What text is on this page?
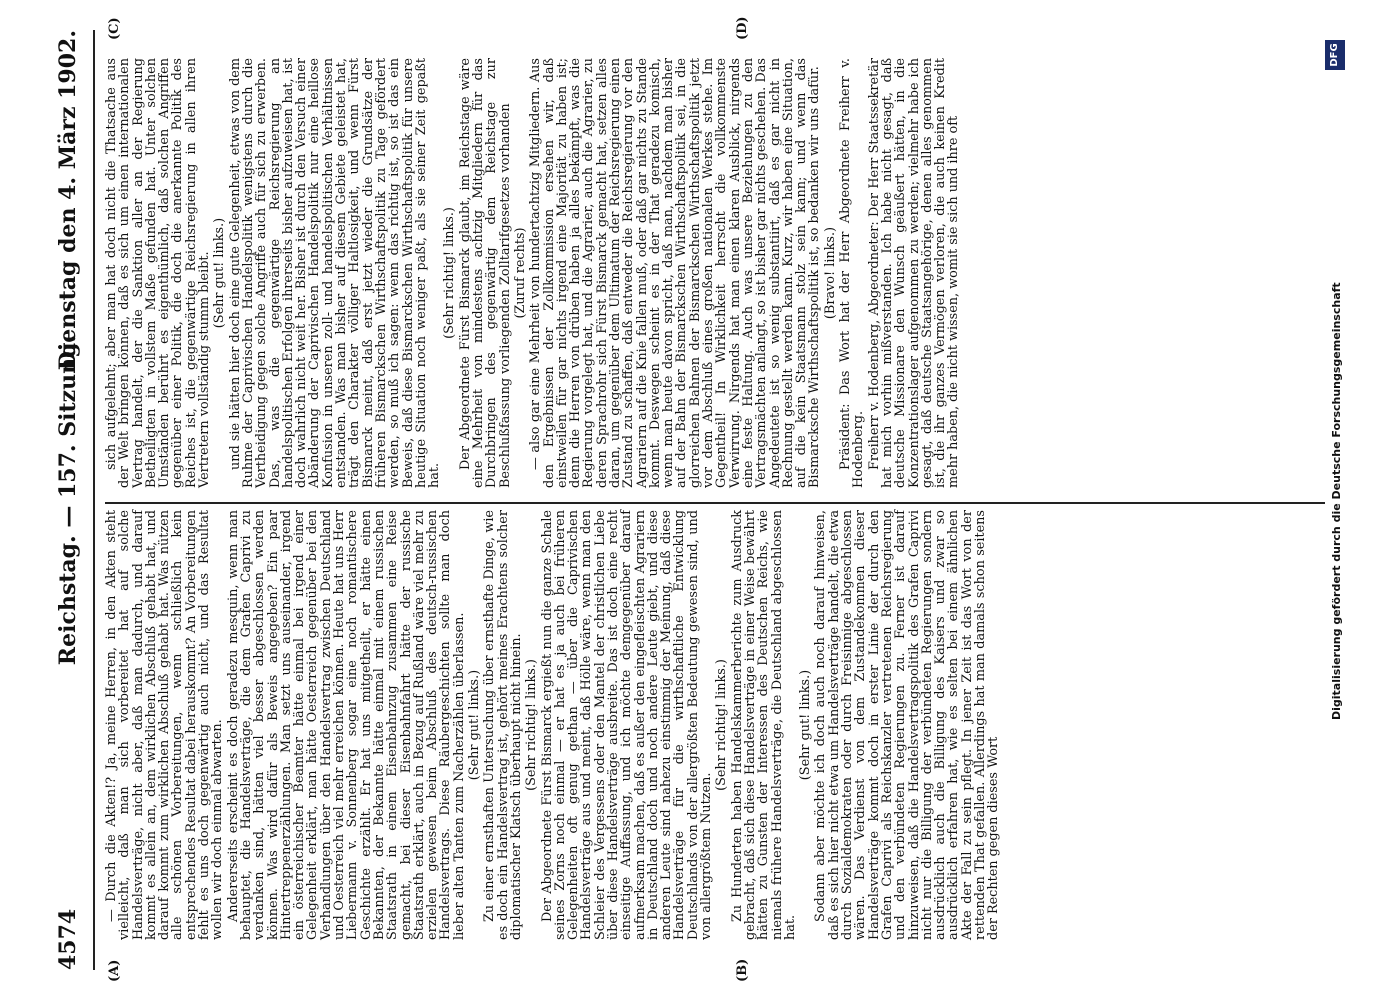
4574
Reichstag. — 157. Sitzung.
Dienstag den 4. März 1902.
(A)	(B)
(C)	(D)

— Durch die Akten!? Ja, meine Herren, in den Akten steht vielleicht, daß man sich vorbereitet hat auf solche Handelsverträge, nicht aber, daß man dadurch, und darauf kommt es allein an, dem wirklichen Abschluß gehabt hat, und darauf kommt zum wirklichen Abschluß gehabt hat. Was nützen alle schönen Vorbereitungen, wenn schließlich kein entsprechendes Resultat dabei herauskommt? An Vorbereitungen fehlt es uns doch gegenwärtig auch nicht, und das Resultat wollen wir doch einmal abwarten. Andererseits erscheint es doch geradezu mesquin, wenn man behauptet, die Handelsverträge, die dem Grafen Caprivi zu verdanken sind, hätten viel besser abgeschlossen werden können. Was wird dafür als Beweis angegeben? Ein paar Hintertreppenerzählungen. Man setzt uns auseinander, irgend ein österreichischer Beamter hätte einmal bei irgend einer Gelegenheit erklärt, man hätte Oesterreich gegenüber bei den Verhandlungen über den Handelsvertrag zwischen Deutschland und Oesterreich viel mehr erreichen können. Heute hat uns Herr Liebermann v. Sonnenberg sogar eine noch romantischere Geschichte erzählt. Er hat uns mitgetheilt, er hätte einen Bekannten, der Bekannte hätte einmal mit einem russischen Staatsrath in einem Eisenbahnzug zusammen eine Reise gemacht, bei dieser Eisenbahnfahrt hätte der russische Staatsrath erklärt, auch in Bezug auf Rußland wäre viel mehr zu erzielen gewesen beim Abschluß des deutsch-russischen Handelsvertrags. Diese Räubergeschichten sollte man doch lieber alten Tanten zum Nacherzählen überlassen. (Sehr gut! links.) Zu einer ernsthaften Untersuchung über ernsthafte Dinge, wie es doch ein Handelsvertrag ist, gehört meines Erachtens solcher diplomatischer Klatsch überhaupt nicht hinein. (Sehr richtig! links.) Der Abgeordnete Fürst Bismarck ergießt nun die ganze Schale seines Zorns noch einmal — er hat es ja auch bei früheren Gelegenheiten oft genug gethan — über die Caprivischen Handelsverträge aus und meint, daß Hölle wäre, wenn man den Schleier des Vergessens oder den Mantel der christlichen Liebe über diese Handelsverträge ausbreite. Das ist doch eine recht einseitige Auffassung, und ich möchte demgegenüber darauf aufmerksam machen, daß es außer den eingefleischten Agrariern in Deutschland doch und noch andere Leute giebt, und diese anderen Leute sind nahezu einstimmig der Meinung, daß diese Handelsverträge für die wirthschaftliche Entwicklung Deutschlands von der allergrößten Bedeutung gewesen sind, und von allergrößtem Nutzen.

(Sehr richtig! links.) Zu Hunderten haben Handelskammerberichte zum Ausdruck gebracht, daß sich diese Handelsverträge in einer Weise bewährt hätten zu Gunsten der Interessen des Deutschen Reichs, wie niemals frühere Handelsverträge, die Deutschland abgeschlossen hat.

(Sehr gut! links.) Sodann aber möchte ich doch auch noch darauf hinweisen, daß es sich hier nicht etwa um Handelsverträge handelt, die etwa durch Sozialdemokraten oder durch Freisinnige abgeschlossen wären. Das Verdienst von dem Zustandekommen dieser Handelsverträge kommt doch in erster Linie der durch den Grafen Caprivi als Reichskanzler vertretenen Reichsregierung und den verbündeten Regierungen zu. Ferner ist darauf hinzuweisen, daß die Handelsvertragspolitik des Grafen Caprivi nicht nur die Billigung der verbündeten Regierungen sondern ausdrücklich auch die Billigung des Kaisers und zwar so ausdrücklich erfahren hat, wie es selten bei einem ähnlichen Akte der Fall zu sein pflegt. In jener Zeit ist das Wort von der rettenden That gefallen. Allerdings hat man damals schon seitens der Rechten gegen dieses Wort

sich aufgelehnt; aber man hat doch nicht die Thatsache aus der Welt bringen können, daß es sich um einen internationalen Vertrag handelt, der die Sanktion aller an der Regierung Betheiligten in vollstem Maße gefunden hat. Unter solchen Umständen berührt es eigenthümlich, daß solchen Angriffen gegenüber einer Politik, die doch die anerkannte Politik des Reiches ist, die gegenwärtige Reichsregierung in allen ihren Vertretern vollständig stumm bleibt. (Sehr gut! links.) und sie hätten hier doch eine gute Gelegenheit, etwas von dem Ruhme der Caprivischen Handelspolitik wenigstens durch die Vertheidigung gegen solche Angriffe auch für sich zu erwerben. Das, was die gegenwärtige Reichsregierung an handelspolitischen Erfolgen ihrerseits bisher aufzuweisen hat, ist doch wahrlich nicht weit her. Bisher ist durch den Versuch einer Abänderung der Caprivischen Handelspolitik nur eine heillose Konfusion in unseren zoll- und handelspolitischen Verhältnissen entstanden. Was man bisher auf diesem Gebiete geleistet hat, trägt den Charakter völliger Haltlosigkeit, und wenn Fürst Bismarck meint, daß erst jetzt wieder die Grundsätze der früheren Bismarckschen Wirthschaftspolitik zu Tage gefördert werden, so muß ich sagen: wenn das richtig ist, so ist das ein Beweis, daß diese Bismarckschen Wirthschaftspolitik für unsere heutige Situation noch weniger paßt, als sie seiner Zeit gepaßt hat.

(Sehr richtig! links.) Der Abgeordnete Fürst Bismarck glaubt, im Reichstage wäre eine Mehrheit von mindestens achtzig Mitgliedern für das Durchbringen des gegenwärtig dem Reichstage zur Beschlußfassung vorliegenden Zolltarifgesetzes vorhanden (Zuruf rechts) — also gar eine Mehrheit von hundertachtzig Mitgliedern. Aus den Ergebnissen der Zollkommission ersehen wir, daß einstweilen für gar nichts irgend eine Majorität zu haben ist; denn die Herren von drüben haben ja alles bekämpft, was die Regierung vorgelegt hat, und die Agrarier, auch die Agrarier, zu deren Sprachrohr sich Fürst Bismarck gemacht hat, setzen alles daran, um gegenüber dem Ultimatum der Reichsregierung einen Zustand zu schaffen, daß entweder die Reichsregierung vor den Agrariern auf die Knie fallen muß, oder daß gar nichts zu Stande kommt. Deswegen scheint es in der That geradezu komisch, wenn man heute davon spricht, daß man, nachdem man bisher auf der Bahn der Bismarckschen Wirthschaftspolitik sei, in die glorreichen Bahnen der Bismarckschen Wirthschaftspolitik jetzt vor dem Abschluß eines großen nationalen Werkes stehe. Im Gegentheil! In Wirklichkeit herrscht die vollkommenste Verwirrung. Nirgends hat man einen klaren Ausblick, nirgends eine feste Haltung. Auch was unsere Beziehungen zu den Vertragsmächten anlangt, so ist bisher gar nichts geschehen. Das Angedeutete ist so wenig substantiirt, daß es gar nicht in Rechnung gestellt werden kann. Kurz, wir haben eine Situation, auf die kein Staatsmann stolz sein kann; und wenn das Bismarcksche Wirthschaftspolitik ist, so bedanken wir uns dafür. (Bravo! links.) Präsident: Das Wort hat der Herr Abgeordnete Freiherr v. Hodenberg. Freiherr v. Hodenberg, Abgeordneter: Der Herr Staatssekretär hat mich vorhin mißverstanden. Ich habe nicht gesagt, daß deutsche Missionare den Wunsch geäußert hätten, in die Konzentrationslager aufgenommen zu werden; vielmehr habe ich gesagt, daß deutsche Staatsangehörige, denen alles genommen ist, die ihr ganzes Vermögen verloren, die auch keinen Kredit mehr haben, die nicht wissen, womit sie sich und ihre oft	Digitalisierung gefördert durch die Deutsche Forschungsgemeinschaft
DFG
